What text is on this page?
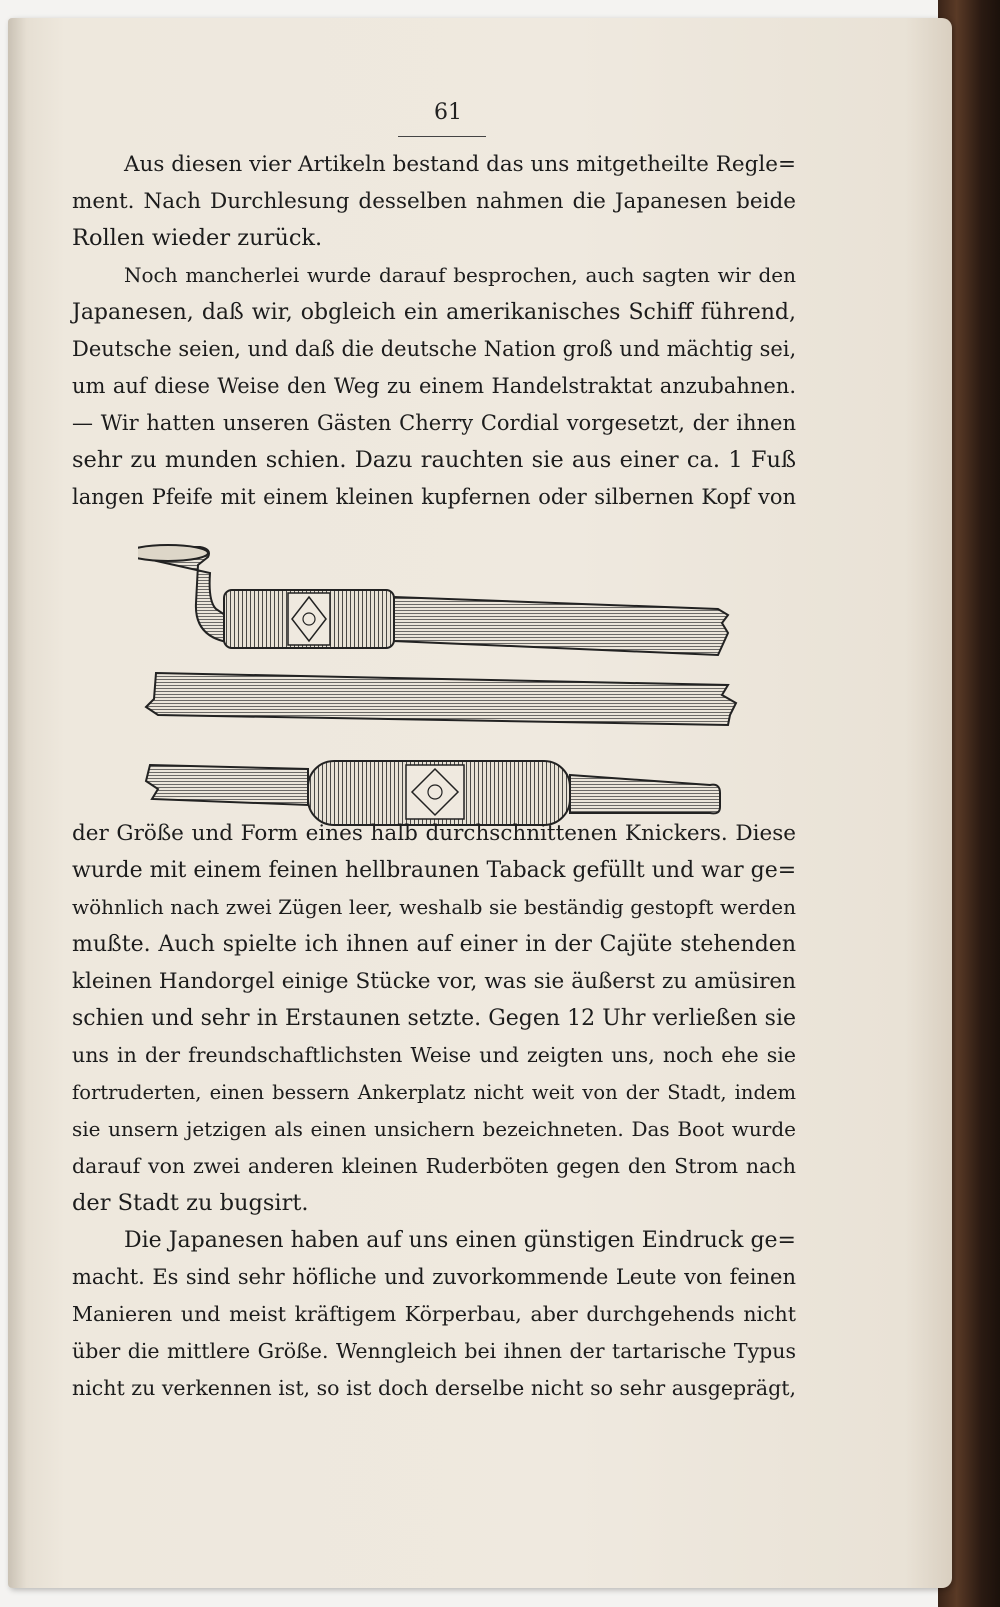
61
Aus diesen vier Artikeln bestand das uns mitgetheilte Regle=
ment. Nach Durchlesung desselben nahmen die Japanesen beide
Rollen wieder zurück.
Noch mancherlei wurde darauf besprochen, auch sagten wir den
Japanesen, daß wir, obgleich ein amerikanisches Schiff führend,
Deutsche seien, und daß die deutsche Nation groß und mächtig sei,
um auf diese Weise den Weg zu einem Handelstraktat anzubahnen.
— Wir hatten unseren Gästen Cherry Cordial vorgesetzt, der ihnen
sehr zu munden schien. Dazu rauchten sie aus einer ca. 1 Fuß
langen Pfeife mit einem kleinen kupfernen oder silbernen Kopf von
der Größe und Form eines halb durchschnittenen Knickers. Diese
wurde mit einem feinen hellbraunen Taback gefüllt und war ge=
wöhnlich nach zwei Zügen leer, weshalb sie beständig gestopft werden
mußte. Auch spielte ich ihnen auf einer in der Cajüte stehenden
kleinen Handorgel einige Stücke vor, was sie äußerst zu amüsiren
schien und sehr in Erstaunen setzte. Gegen 12 Uhr verließen sie
uns in der freundschaftlichsten Weise und zeigten uns, noch ehe sie
fortruderten, einen bessern Ankerplatz nicht weit von der Stadt, indem
sie unsern jetzigen als einen unsichern bezeichneten. Das Boot wurde
darauf von zwei anderen kleinen Ruderböten gegen den Strom nach
der Stadt zu bugsirt.
Die Japanesen haben auf uns einen günstigen Eindruck ge=
macht. Es sind sehr höfliche und zuvorkommende Leute von feinen
Manieren und meist kräftigem Körperbau, aber durchgehends nicht
über die mittlere Größe. Wenngleich bei ihnen der tartarische Typus
nicht zu verkennen ist, so ist doch derselbe nicht so sehr ausgeprägt,
